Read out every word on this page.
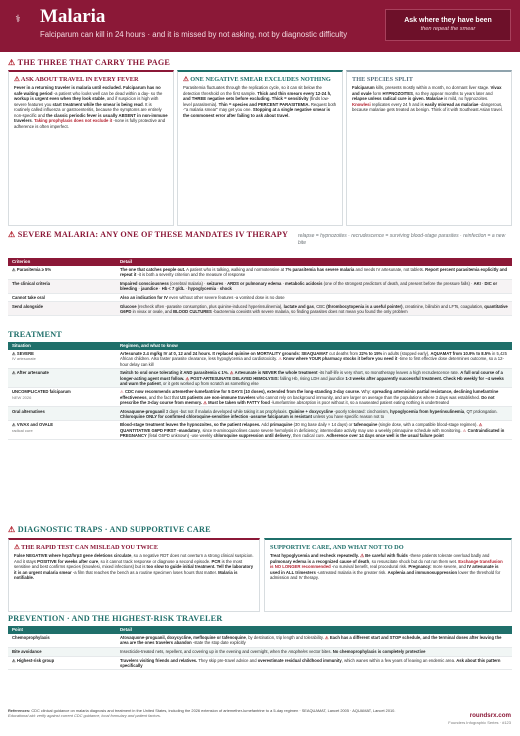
⚕ Malaria
Falciparum can kill in 24 hours · and it is missed by not asking, not by diagnostic difficulty
Ask where they have been
then repeat the smear
⚠ THE THREE THAT CARRY THE PAGE
⚠ ASK ABOUT TRAVEL IN EVERY FEVER

Fever in a returning traveler is malaria until excluded. Falciparum has no safe waiting period -a patient who looks well can be dead within a day- so the workup is urgent even when they look stable, and if suspicion is high with severe features you start treatment while the smear is being read. It is routinely called influenza or gastroenteritis, because the symptoms are entirely non-specific and the classic periodic fever is usually ABSENT in non-immune travelers. Taking prophylaxis does not exclude it -none is fully protective and adherence is often imperfect.

⚠ ONE NEGATIVE SMEAR EXCLUDES NOTHING

Parasitemia fluctuates through the replication cycle, so it can sit below the detection threshold on the first sample. Thick and thin smears every 12-24 h, and THREE negative sets before excluding. Thick = sensitivity (finds low-level parasitemia). Thin = species and PERCENT PARASITEMIA. Request both -"a malaria smear" may get you one. Stopping at a single negative smear is the commonest error after failing to ask about travel.

THE SPECIES SPLIT

Falciparum kills, presents mostly within a month, no dormant liver stage. Vivax and ovale form HYPNOZOITES, so they appear months to years later and relapse unless radical cure is given. Malariae is mild, no hypnozoites. Knowlesi replicates every 24 h and is easily misread as malariae -dangerous, because malariae gets treated as benign. Think of it with Southeast Asian travel.

⚠ SEVERE MALARIA: ANY ONE OF THESE MANDATES IV THERAPY	relapse = hypnozoites · recrudescence = surviving blood-stage parasites · reinfection = a new bite
Criterion	Detail
⚠ Parasitemia ≥ 5%	The one that catches people out. A patient who is talking, walking and normotensive at 7% parasitemia has severe malaria and needs IV artesunate, not tablets. Report percent parasitemia explicitly and repeat it -it is both a severity criterion and the measure of response
The clinical criteria	Impaired consciousness (cerebral malaria) · seizures · ARDS or pulmonary edema · metabolic acidosis (one of the strongest predictors of death, and present before the pressure falls) · AKI · DIC or bleeding · jaundice · Hb < 7 g/dL · hypoglycemia · shock
Cannot take oral	Also an indication for IV even without other severe features -a vomited dose is no dose
Send alongside	Glucose (recheck often -parasite consumption, plus quinine-induced hyperinsulinemia), lactate and gas, CBC (thrombocytopenia is a useful pointer), creatinine, bilirubin and LFTs, coagulation, quantitative G6PD in vivax or ovale, and BLOOD CULTURES -bacteremia coexists with severe malaria, so finding parasites does not mean you found the only problem
TREATMENT
Situation	Regimen, and what to know
⚠ SEVERE
IV artesunate	Artesunate 2.4 mg/kg IV at 0, 12 and 24 hours. It replaced quinine on MORTALITY grounds: SEAQUAMAT cut deaths from 22% to 15% in adults (stopped early), AQUAMAT from 10.9% to 8.5% in 5,425 African children. Also faster parasite clearance, less hypoglycemia and cardiotoxicity. ⚠ Know where YOUR pharmacy stocks it before you need it -time to first effective dose determines outcome, so a 12-hour delay can kill
⚠ After artesunate	Switch to oral once tolerating it AND parasitemia ≤ 1%. ⚠ Artesunate is NEVER the whole treatment -its half-life is very short, so monotherapy leaves a high recrudescence rate. A full oral course of a longer-acting agent must follow. ⚠ POST-ARTESUNATE DELAYED HEMOLYSIS: falling Hb, rising LDH and jaundice 1-3 weeks after apparently successful treatment. Check Hb weekly for ~4 weeks and warn the patient, or it gets worked up from scratch as something else
UNCOMPLICATED falciparum
NEW 2026	⚠ CDC now recommends artemether-lumefantrine for 5 DAYS (10 doses), extended from the long-standing 3-day course. Why: spreading artemisinin partial resistance, declining lumefantrine effectiveness, and the fact that US patients are non-immune travelers who cannot rely on background immunity, and are larger on average than the populations where 3 days was established. Do not prescribe the 3-day course from memory. ⚠ Must be taken with FATTY food -lumefantrine absorption is poor without it, so a nauseated patient eating nothing is undertreated
Oral alternatives	Atovaquone-proguanil 3 days -but not if malaria developed while taking it as prophylaxis. Quinine + doxycycline -poorly tolerated: cinchonism, hypoglycemia from hyperinsulinemia, QT prolongation. Chloroquine ONLY for confirmed chloroquine-sensitive infection -assume falciparum is resistant unless you have specific reason not to
⚠ VIVAX and OVALE
radical cure	Blood-stage treatment leaves the hypnozoites, so the patient relapses. Add primaquine (30 mg base daily × 14 days) or tafenoquine (single dose, with a compatible blood-stage regimen). ⚠ QUANTITATIVE G6PD FIRST -mandatory, since 8-aminoquinolines cause severe hemolysis in deficiency; intermediate activity may use a weekly primaquine schedule with monitoring. ⚠ Contraindicated in PREGNANCY (fetal G6PD unknown) -use weekly chloroquine suppression until delivery, then radical cure. Adherence over 14 days once well is the usual failure point
⚠ DIAGNOSTIC TRAPS · AND SUPPORTIVE CARE
⚠ THE RAPID TEST CAN MISLEAD YOU TWICE

False NEGATIVE where hrp2/hrp3 gene deletions circulate, so a negative RDT does not overturn a strong clinical suspicion. And it stays POSITIVE for weeks after cure, so it cannot track response or diagnose a second episode. PCR is the most sensitive and best confirms species (knowlesi, mixed infections) but is too slow to guide initial treatment. Tell the laboratory it is an urgent malaria smear -a film that reaches the bench as a routine specimen loses hours that matter. Malaria is notifiable.

SUPPORTIVE CARE, AND WHAT NOT TO DO

Treat hypoglycemia and recheck repeatedly. ⚠ Be careful with fluids -these patients tolerate overload badly and pulmonary edema is a recognized cause of death, so resuscitate shock but do not run them wet. Exchange transfusion is NO LONGER recommended -no survival benefit, real procedural risk. Pregnancy: more severe, and IV artesunate is used in ALL trimesters -untreated malaria is the greater risk. Asplenia and immunosuppression lower the threshold for admission and IV therapy.

PREVENTION · AND THE HIGHEST-RISK TRAVELER
Point	Detail
Chemoprophylaxis	Atovaquone-proguanil, doxycycline, mefloquine or tafenoquine, by destination, trip length and tolerability. ⚠ Each has a different start and STOP schedule, and the terminal doses after leaving the area are the ones travelers abandon -state the stop date explicitly
Bite avoidance	Insecticide-treated nets, repellent, and covering up in the evening and overnight, when the Anopheles vector bites. No chemoprophylaxis is completely protective
⚠ Highest-risk group	Travelers visiting friends and relatives. They skip pre-travel advice and overestimate residual childhood immunity, which wanes within a few years of leaving an endemic area. Ask about this pattern specifically
References: CDC clinical guidance on malaria diagnosis and treatment in the United States, including the 2026 extension of artemether-lumefantrine to a 5-day regimen · SEAQUAMAT, Lancet 2005 · AQUAMAT, Lancet 2010.
Educational aid: verify against current CDC guidance, local formulary and patient factors.	roundsrx.com
Founders Infographic Series · #123
